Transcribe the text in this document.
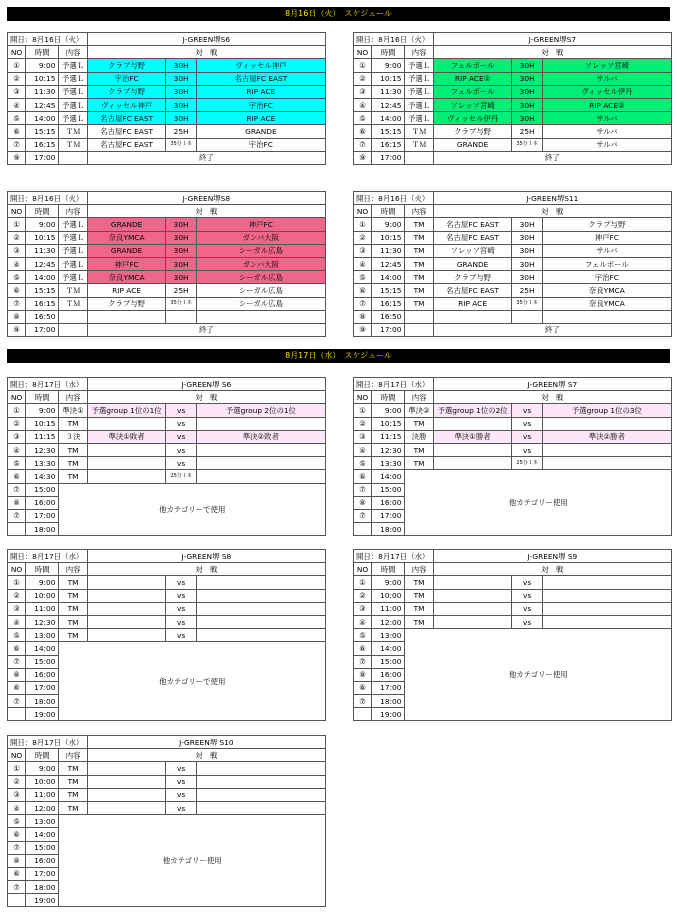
8月16日（火）　スケジュール
8月17日（水）　スケジュール
開日：8月16日（火）			J-GREEN堺S6		
NO	時間	内容	対　戦		
①	9:00	予選Ｌ	クラブ与野	30H	ヴィッセル神戸
②	10:15	予選Ｌ	宇治FC	30H	名古屋FC EAST
③	11:30	予選Ｌ	クラブ与野	30H	RIP ACE
④	12:45	予選Ｌ	ヴィッセル神戸	30H	宇治FC
⑤	14:00	予選Ｌ	名古屋FC EAST	30H	RIP ACE
⑥	15:15	ＴＭ	名古屋FC EAST	25H	GRANDE
⑦	16:15	ＴＭ	名古屋FC EAST	35分１本	宇治FC
⑨	17:00		終了		
開日：8月16日（火）			J-GREEN堺S7		
NO	時間	内容	対　戦		
①	9:00	予選Ｌ	フェルボール	30H	ソレッソ宮崎
②	10:15	予選Ｌ	RIP ACE②	30H	サルバ
③	11:30	予選Ｌ	フェルボール	30H	ヴィッセル伊丹
④	12:45	予選Ｌ	ソレッソ宮崎	30H	RIP ACE②
⑤	14:00	予選Ｌ	ヴィッセル伊丹	30H	サルバ
⑥	15:15	ＴＭ	クラブ与野	25H	サルバ
⑦	16:15	ＴＭ	GRANDE	35分１本	サルバ
⑨	17:00		終了		
開日：8月16日（火）			J-GREEN堺S8		
NO	時間	内容	対　戦		
①	9:00	予選Ｌ	GRANDE	30H	神戸FC
②	10:15	予選Ｌ	奈良YMCA	30H	ガンバ大阪
③	11:30	予選Ｌ	GRANDE	30H	シーガル広島
④	12:45	予選Ｌ	神戸FC	30H	ガンバ大阪
⑤	14:00	予選Ｌ	奈良YMCA	30H	シーガル広島
⑥	15:15	ＴＭ	RIP ACE	25H	シーガル広島
⑦	16:15	ＴＭ	クラブ与野	35分１本	シーガル広島
⑧	16:50				
⑨	17:00		終了		
開日：8月16日（火）			J-GREEN堺S11		
NO	時間	内容	対　戦		
①	9:00	TM	名古屋FC EAST	30H	クラブ与野
②	10:15	TM	名古屋FC EAST	30H	神戸FC
③	11:30	TM	ソレッソ宮崎	30H	サルバ
④	12:45	TM	GRANDE	30H	フェルボール
⑤	14:00	TM	クラブ与野	30H	宇治FC
⑥	15:15	TM	名古屋FC EAST	25H	奈良YMCA
⑦	16:15	TM	RIP ACE	35分１本	奈良YMCA
⑧	16:50				
⑨	17:00		終了		
開日：8月17日（水）			J-GREEN堺 S6		
NO	時間	内容	対　戦		
①	9:00	準決①	予選group 1位の1位	vs	予選group 2位の1位
②	10:15	TM		vs	
③	11:15	３決	準決①敗者	vs	準決②敗者
④	12:30	TM		vs	
⑤	13:30	TM		vs	
⑥	14:30	TM		25分１本	
⑦	15:00	他カテゴリーで使用			
⑧	16:00				
⑦	17:00				
	18:00				
開日：8月17日（水）			J-GREEN堺 S7		
NO	時間	内容	対　戦		
①	9:00	準決②	予選group 1位の2位	vs	予選group 1位の3位
②	10:15	TM		vs	
③	11:15	決勝	準決①勝者	vs	準決②勝者
④	12:30	TM		vs	
⑤	13:30	TM		25分１本	
⑥	14:00	他カテゴリー使用			
⑦	15:00				
⑧	16:00				
⑦	17:00				
	18:00				
開日：8月17日（水）			J-GREEN堺 S8		
NO	時間	内容	対　戦		
①	9:00	TM		vs	
②	10:00	TM		vs	
③	11:00	TM		vs	
④	12:30	TM		vs	
⑤	13:00	TM		vs	
⑥	14:00	他カテゴリーで使用			
⑦	15:00				
⑧	16:00				
⑥	17:00				
⑦	18:00				
	19:00				
開日：8月17日（水）			J-GREEN堺 S9		
NO	時間	内容	対　戦		
①	9:00	TM		vs	
②	10:00	TM		vs	
③	11:00	TM		vs	
④	12:00	TM		vs	
⑤	13:00	他カテゴリー使用			
⑥	14:00				
⑦	15:00				
⑧	16:00				
⑥	17:00				
⑦	18:00				
	19:00				
開日：8月17日（水）			J-GREEN堺 S10		
NO	時間	内容	対　戦		
①	9:00	TM		vs	
②	10:00	TM		vs	
③	11:00	TM		vs	
④	12:00	TM		vs	
⑤	13:00	他カテゴリー使用			
⑥	14:00				
⑦	15:00				
⑧	16:00				
⑥	17:00				
⑦	18:00				
	19:00				
